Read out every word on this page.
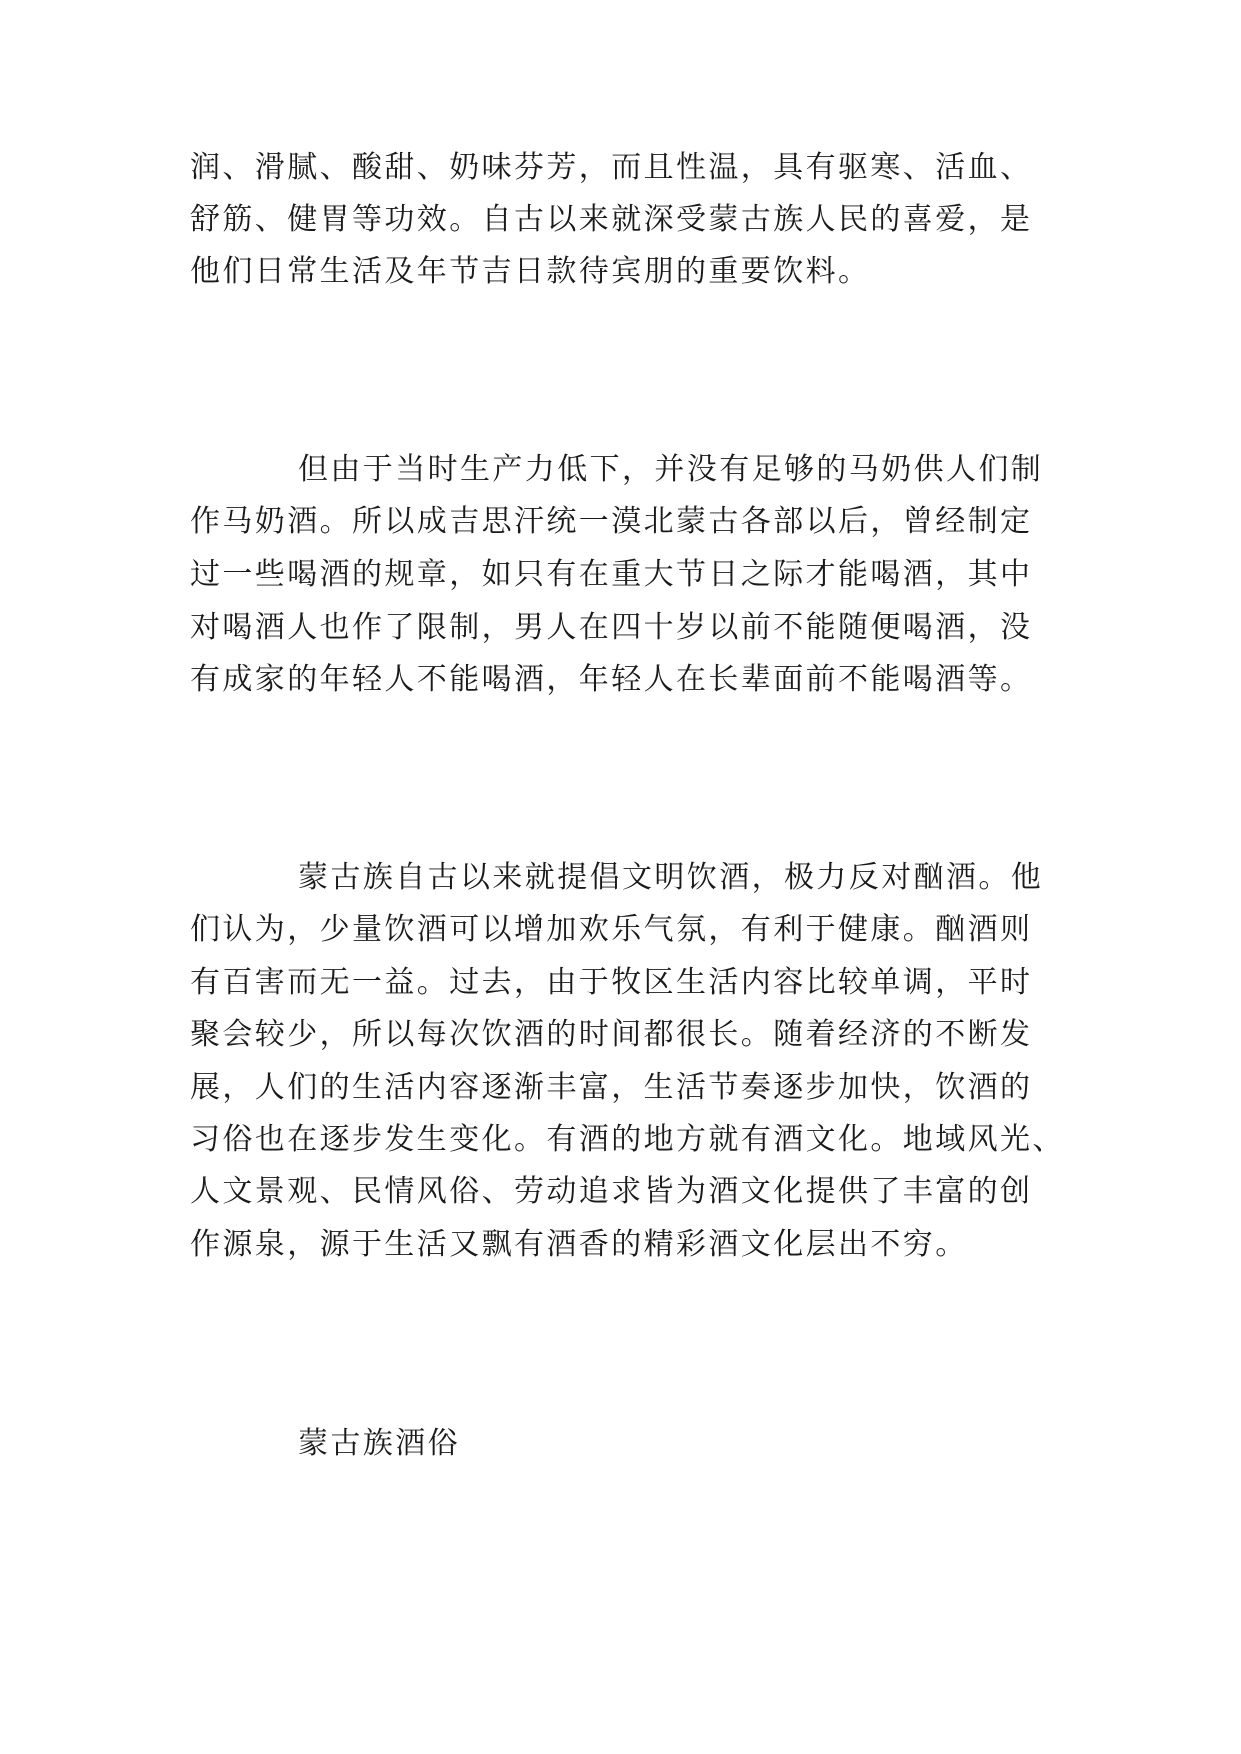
润、滑腻、酸甜、奶味芬芳，而且性温，具有驱寒、活血、

舒筋、健胃等功效。自古以来就深受蒙古族人民的喜爱，是

他们日常生活及年节吉日款待宾朋的重要饮料。

但由于当时生产力低下，并没有足够的马奶供人们制

作马奶酒。所以成吉思汗统一漠北蒙古各部以后，曾经制定

过一些喝酒的规章，如只有在重大节日之际才能喝酒，其中

对喝酒人也作了限制，男人在四十岁以前不能随便喝酒，没

有成家的年轻人不能喝酒，年轻人在长辈面前不能喝酒等。

蒙古族自古以来就提倡文明饮酒，极力反对酗酒。他

们认为，少量饮酒可以增加欢乐气氛，有利于健康。酗酒则

有百害而无一益。过去，由于牧区生活内容比较单调，平时

聚会较少，所以每次饮酒的时间都很长。随着经济的不断发

展，人们的生活内容逐渐丰富，生活节奏逐步加快，饮酒的

习俗也在逐步发生变化。有酒的地方就有酒文化。地域风光、

人文景观、民情风俗、劳动追求皆为酒文化提供了丰富的创

作源泉，源于生活又飘有酒香的精彩酒文化层出不穷。

蒙古族酒俗
